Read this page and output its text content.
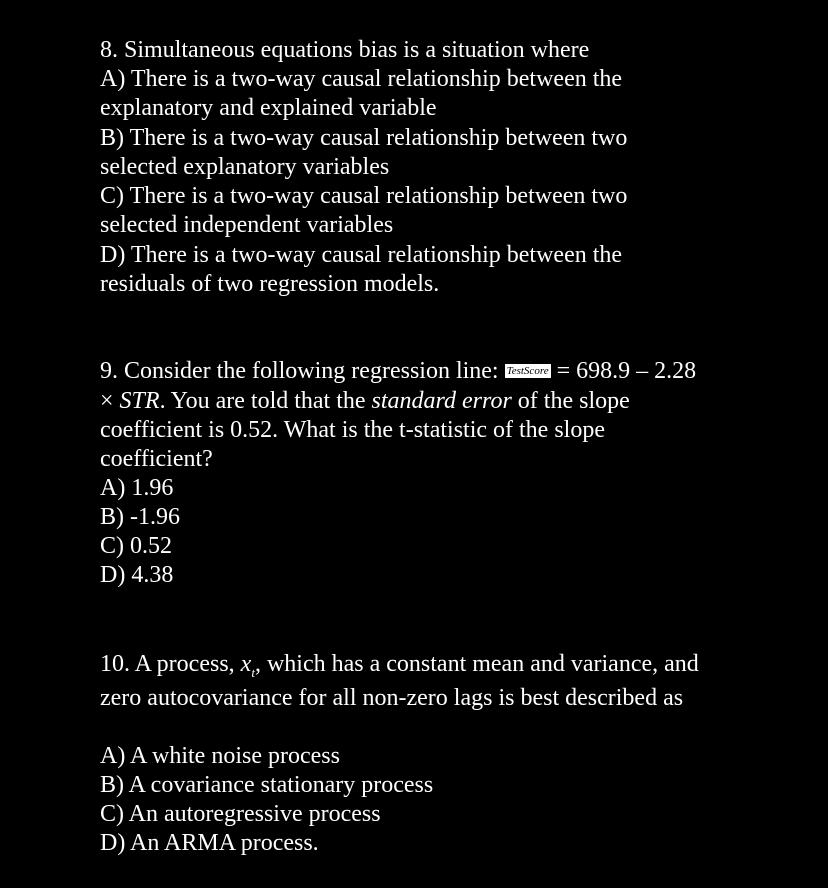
8. Simultaneous equations bias is a situation where
A) There is a two-way causal relationship between the
explanatory and explained variable
B) There is a two-way causal relationship between two
selected explanatory variables
C) There is a two-way causal relationship between two
selected independent variables
D) There is a two-way causal relationship between the
residuals of two regression models.
9. Consider the following regression line: TestScore = 698.9 – 2.28
× STR. You are told that the standard error of the slope
coefficient is 0.52. What is the t-statistic of the slope
coefficient?
A) 1.96
B) -1.96
C) 0.52
D) 4.38
10. A process, $x_t$, which has a constant mean and variance, and
zero autocovariance for all non-zero lags is best described as
A) A white noise process
B) A covariance stationary process
C) An autoregressive process
D) An ARMA process.
